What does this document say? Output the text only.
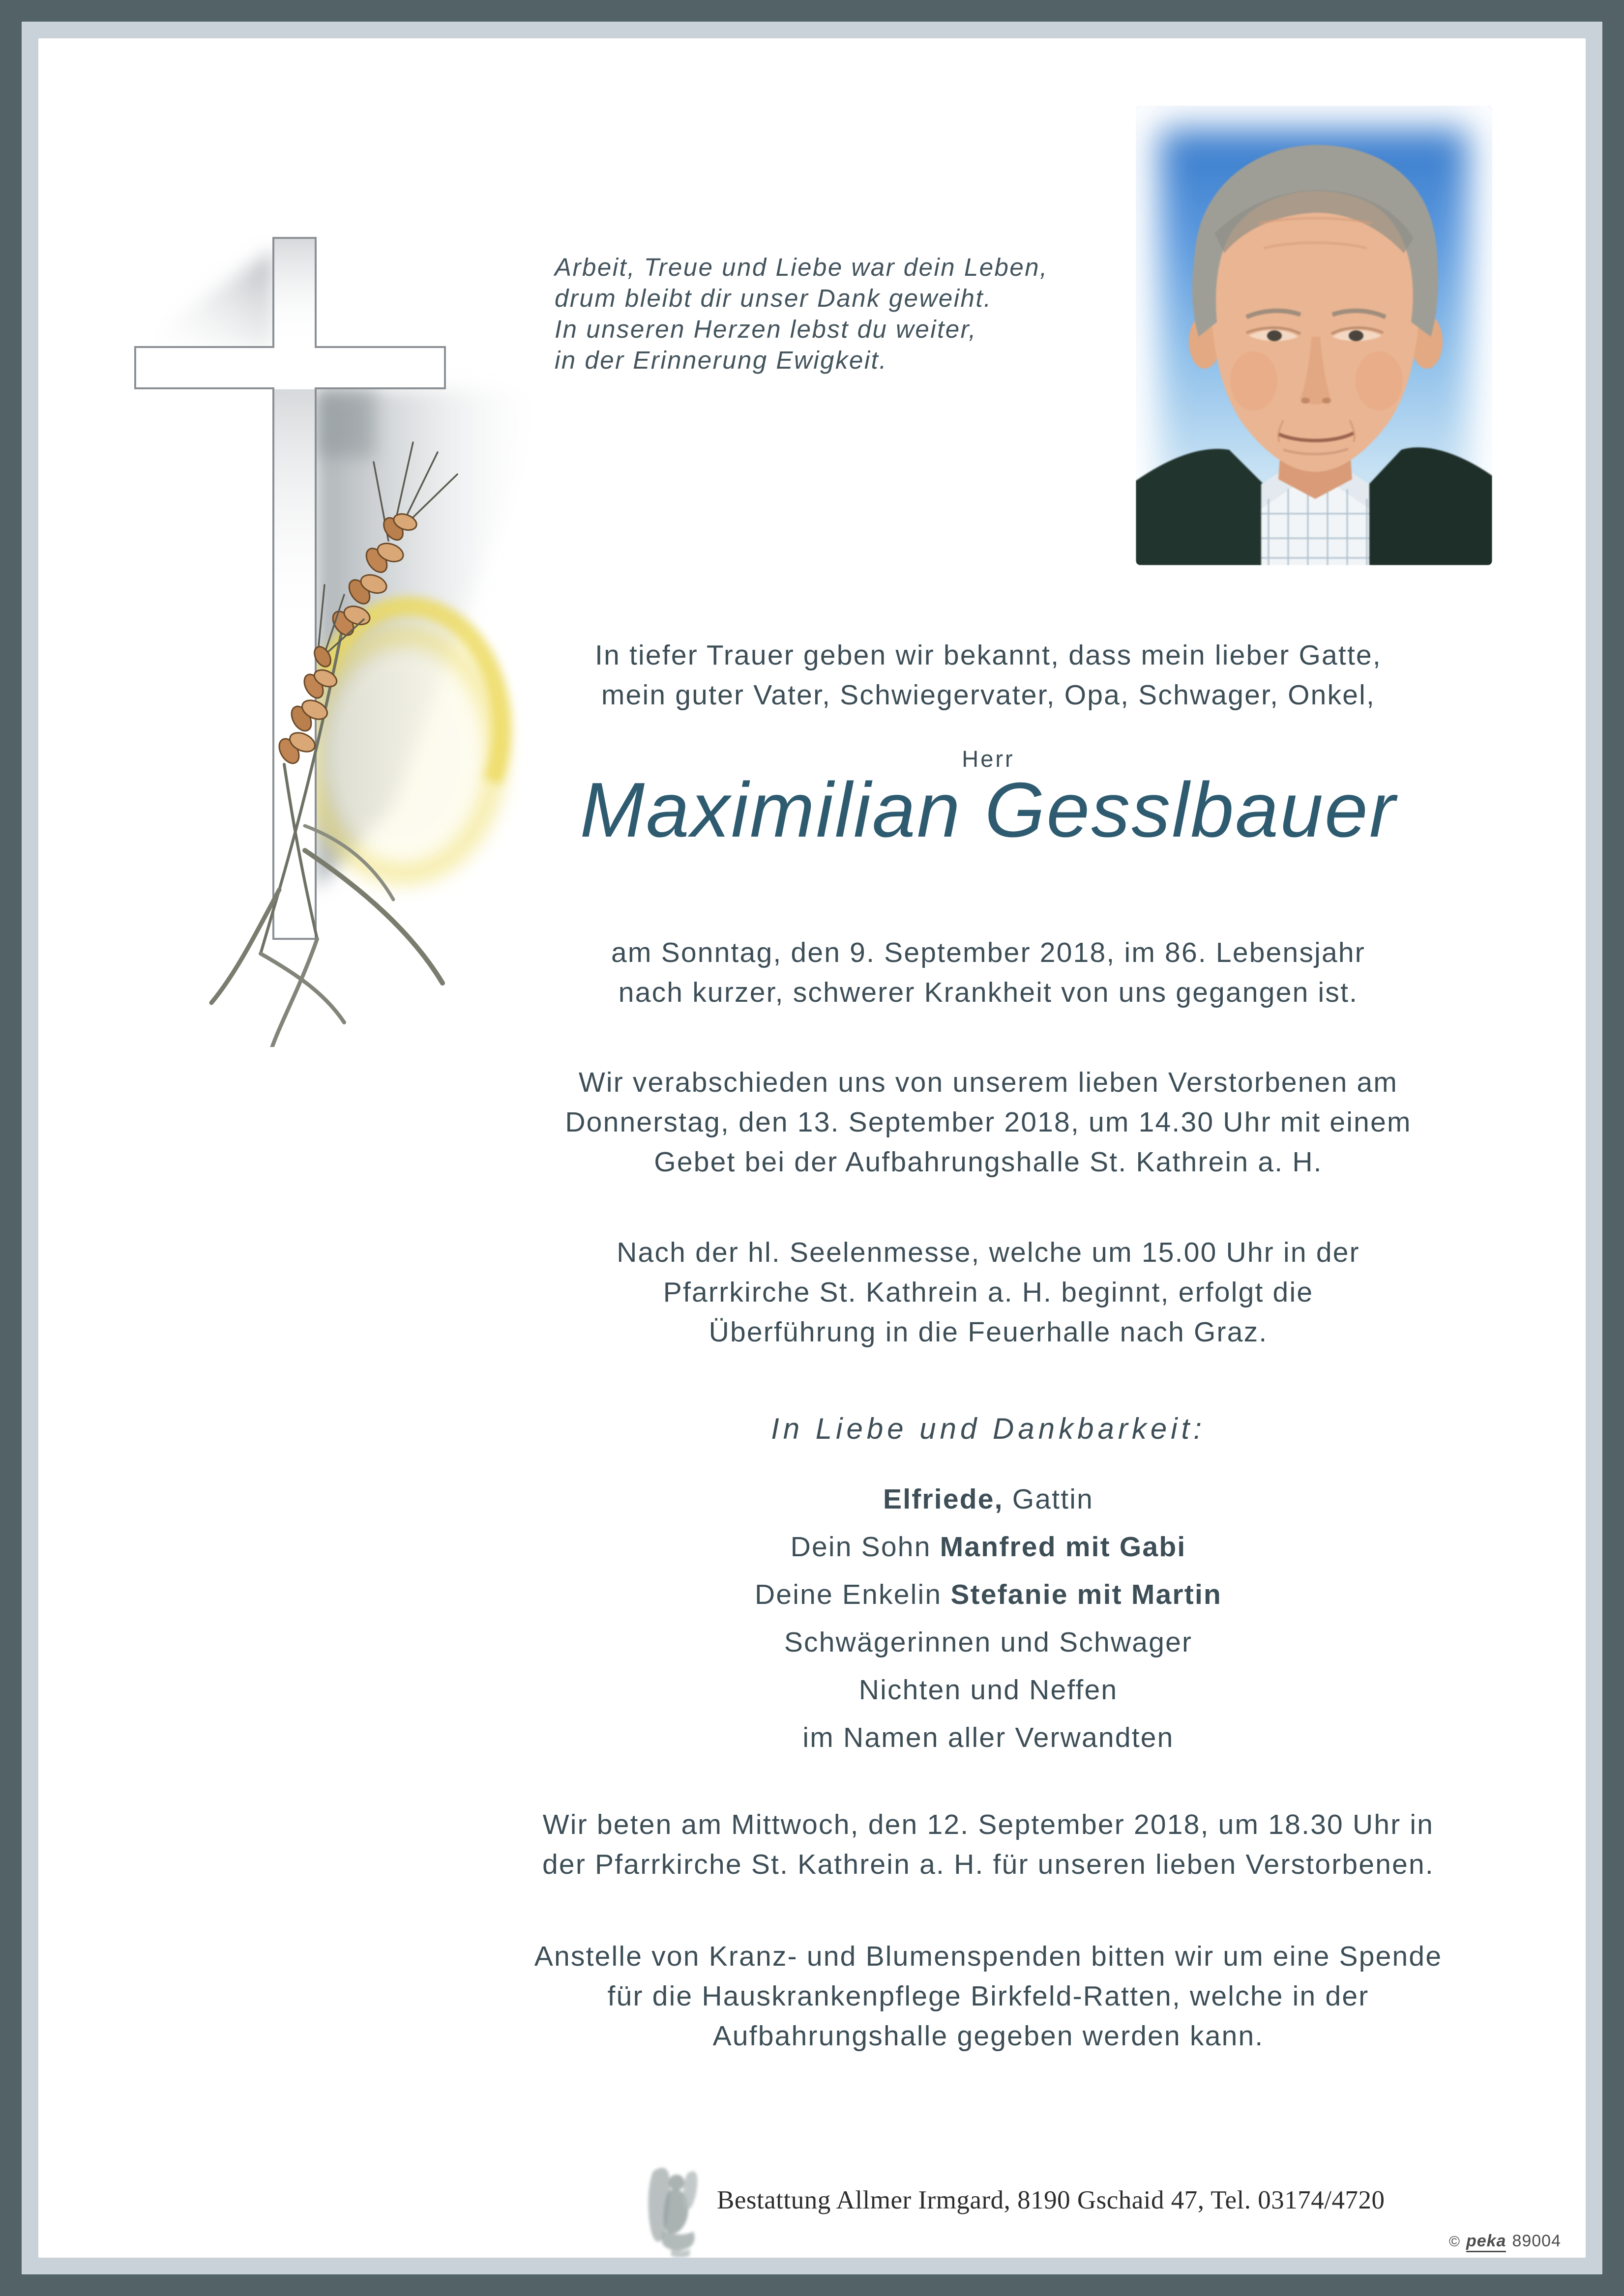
Arbeit, Treue und Liebe war dein Leben,
drum bleibt dir unser Dank geweiht.
In unseren Herzen lebst du weiter,
in der Erinnerung Ewigkeit.
In tiefer Trauer geben wir bekannt, dass mein lieber Gatte,
mein guter Vater, Schwiegervater, Opa, Schwager, Onkel,
Herr
Maximilian Gesslbauer
am Sonntag, den 9. September 2018, im 86. Lebensjahr
nach kurzer, schwerer Krankheit von uns gegangen ist.
Wir verabschieden uns von unserem lieben Verstorbenen am
Donnerstag, den 13. September 2018, um 14.30 Uhr mit einem
Gebet bei der Aufbahrungshalle St. Kathrein a. H.
Nach der hl. Seelenmesse, welche um 15.00 Uhr in der
Pfarrkirche St. Kathrein a. H. beginnt, erfolgt die
Überführung in die Feuerhalle nach Graz.
In Liebe und Dankbarkeit:
Elfriede, Gattin
Dein Sohn Manfred mit Gabi
Deine Enkelin Stefanie mit Martin
Schwägerinnen und Schwager
Nichten und Neffen
im Namen aller Verwandten
Wir beten am Mittwoch, den 12. September 2018, um 18.30 Uhr in
der Pfarrkirche St. Kathrein a. H. für unseren lieben Verstorbenen.
Anstelle von Kranz- und Blumenspenden bitten wir um eine Spende
für die Hauskrankenpflege Birkfeld-Ratten, welche in der
Aufbahrungshalle gegeben werden kann.
Bestattung Allmer Irmgard, 8190 Gschaid 47, Tel. 03174/4720
© peka 89004
